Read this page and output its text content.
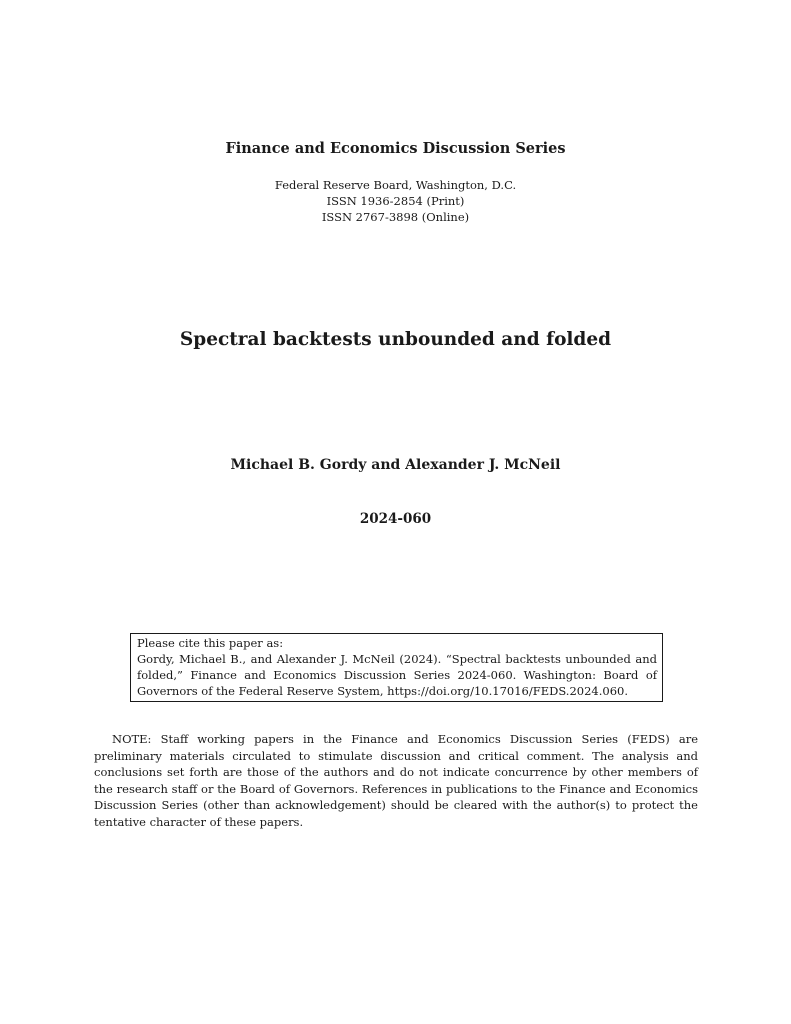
Finance and Economics Discussion Series
Federal Reserve Board, Washington, D.C.
ISSN 1936-2854 (Print)
ISSN 2767-3898 (Online)
Spectral backtests unbounded and folded
Michael B. Gordy and Alexander J. McNeil
2024-060
Please cite this paper as:
Gordy, Michael B., and Alexander J. McNeil (2024). “Spectral backtests unbounded and folded,” Finance and Economics Discussion Series 2024-060. Washington: Board of Governors of the Federal Reserve System, https://doi.org/10.17016/FEDS.2024.060.
NOTE: Staff working papers in the Finance and Economics Discussion Series (FEDS) are preliminary materials circulated to stimulate discussion and critical comment. The analysis and conclusions set forth are those of the authors and do not indicate concurrence by other members of the research staff or the Board of Governors. References in publications to the Finance and Economics Discussion Series (other than acknowledgement) should be cleared with the author(s) to protect the tentative character of these papers.
